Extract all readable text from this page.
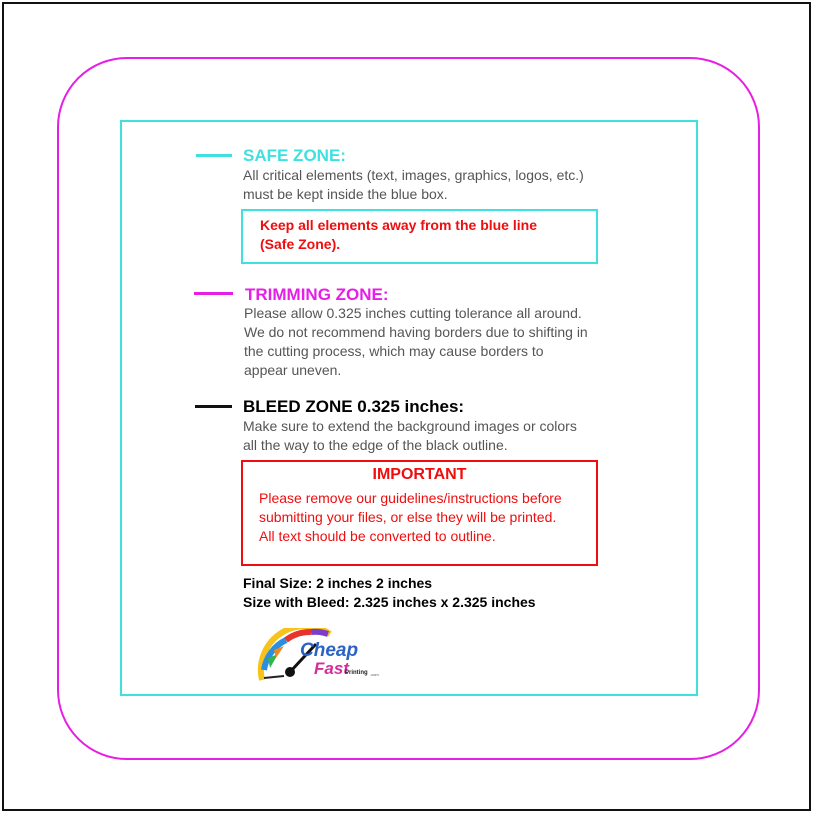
SAFE ZONE:
All critical elements (text, images, graphics, logos, etc.)
must be kept inside the blue box.
Keep all elements away from the blue line
(Safe Zone).
TRIMMING ZONE:
Please allow 0.325 inches cutting tolerance all around.
We do not recommend having borders due to shifting in
the cutting process, which may cause borders to
appear uneven.
BLEED ZONE 0.325 inches:
Make sure to extend the background images or colors
all the way to the edge of the black outline.
IMPORTANT
Please remove our guidelines/instructions before
submitting your files, or else they will be printed.
All text should be converted to outline.
Final Size: 2 inches 2 inches
Size with Bleed: 2.325 inches x 2.325 inches
Cheap
Fast
Printing .com
